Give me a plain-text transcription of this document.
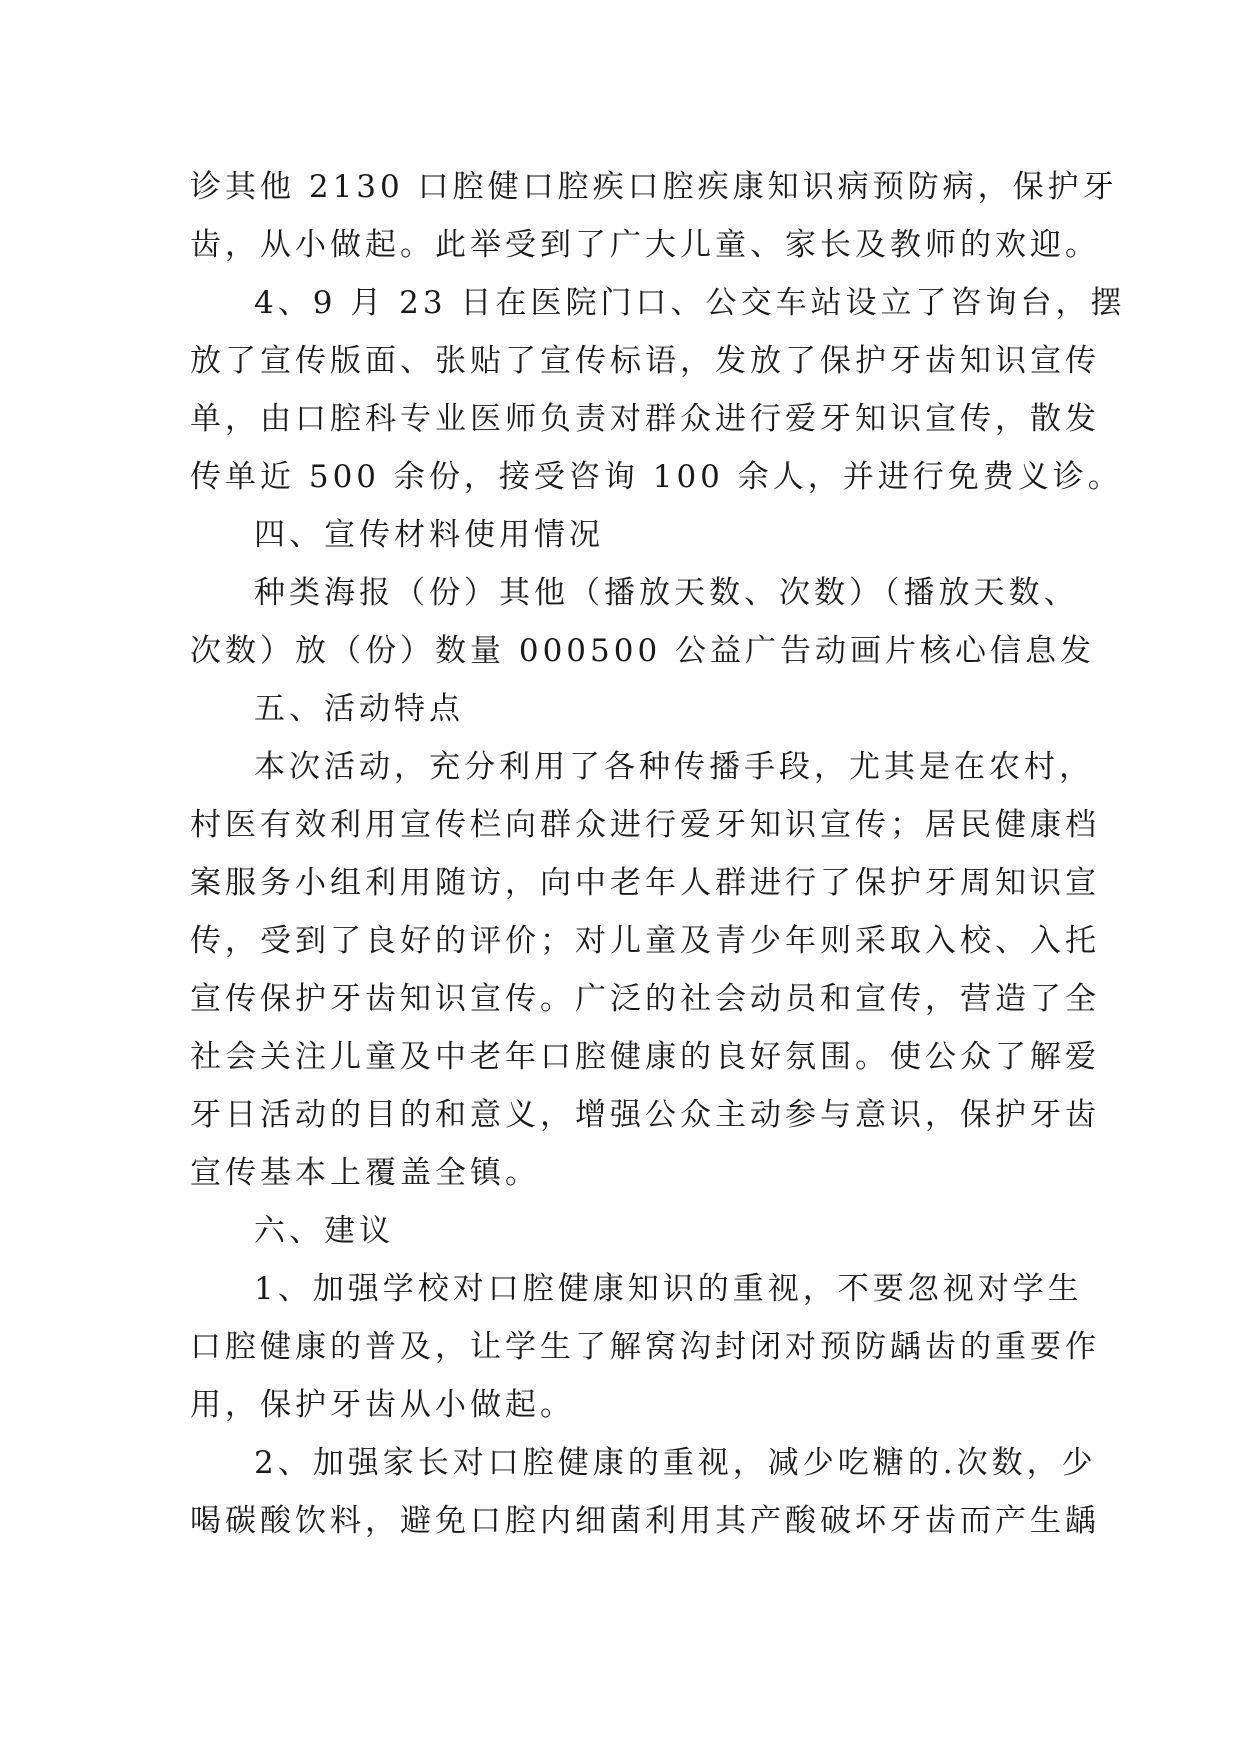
诊其他 2130 口腔健口腔疾口腔疾康知识病预防病，保护牙
齿，从小做起。此举受到了广大儿童、家长及教师的欢迎。
4、9 月 23 日在医院门口、公交车站设立了咨询台，摆
放了宣传版面、张贴了宣传标语，发放了保护牙齿知识宣传
单，由口腔科专业医师负责对群众进行爱牙知识宣传，散发
传单近 500 余份，接受咨询 100 余人，并进行免费义诊。
四、宣传材料使用情况
种类海报（份）其他（播放天数、次数）（播放天数、
次数）放（份）数量 000500 公益广告动画片核心信息发
五、活动特点
本次活动，充分利用了各种传播手段，尤其是在农村，
村医有效利用宣传栏向群众进行爱牙知识宣传；居民健康档
案服务小组利用随访，向中老年人群进行了保护牙周知识宣
传，受到了良好的评价；对儿童及青少年则采取入校、入托
宣传保护牙齿知识宣传。广泛的社会动员和宣传，营造了全
社会关注儿童及中老年口腔健康的良好氛围。使公众了解爱
牙日活动的目的和意义，增强公众主动参与意识，保护牙齿
宣传基本上覆盖全镇。
六、建议
1、加强学校对口腔健康知识的重视，不要忽视对学生
口腔健康的普及，让学生了解窝沟封闭对预防龋齿的重要作
用，保护牙齿从小做起。
2、加强家长对口腔健康的重视，减少吃糖的.次数，少
喝碳酸饮料，避免口腔内细菌利用其产酸破坏牙齿而产生龋
